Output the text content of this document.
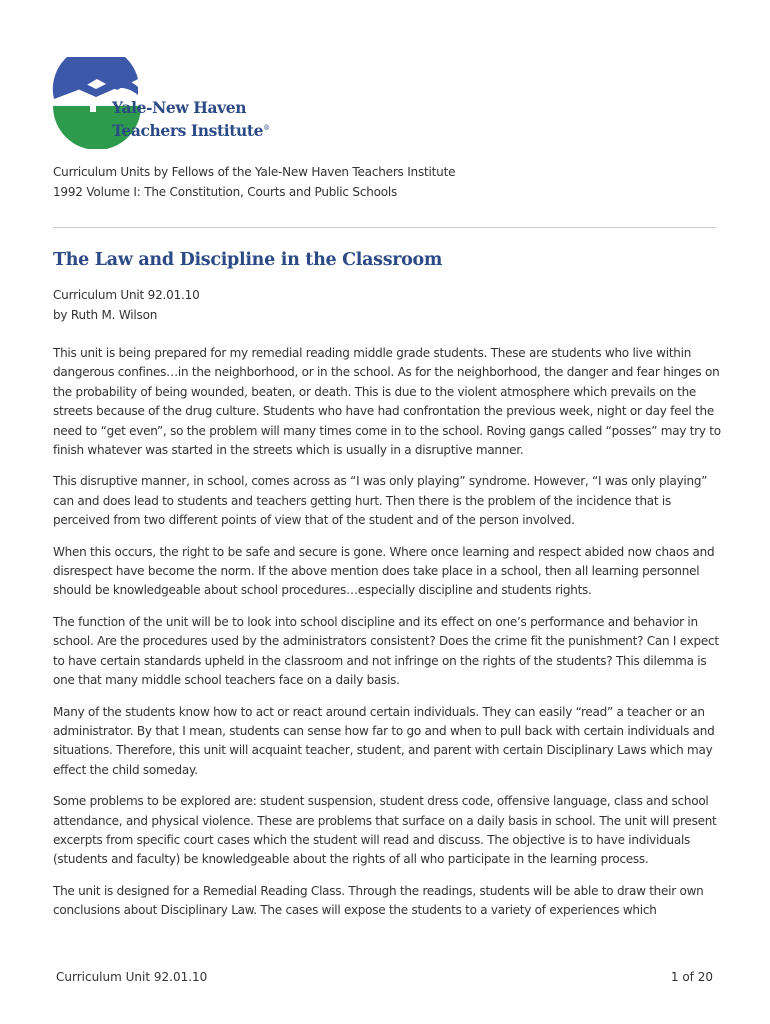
Yale-New Haven
Teachers Institute®
Curriculum Units by Fellows of the Yale-New Haven Teachers Institute
1992 Volume I: The Constitution, Courts and Public Schools
The Law and Discipline in the Classroom
Curriculum Unit 92.01.10
by Ruth M. Wilson

This unit is being prepared for my remedial reading middle grade students. These are students who live within dangerous confines…in the neighborhood, or in the school. As for the neighborhood, the danger and fear hinges on the probability of being wounded, beaten, or death. This is due to the violent atmosphere which prevails on the streets because of the drug culture. Students who have had confrontation the previous week, night or day feel the need to “get even”, so the problem will many times come in to the school. Roving gangs called “posses” may try to finish whatever was started in the streets which is usually in a disruptive manner.

This disruptive manner, in school, comes across as “I was only playing” syndrome. However, “I was only playing” can and does lead to students and teachers getting hurt. Then there is the problem of the incidence that is perceived from two different points of view that of the student and of the person involved.

When this occurs, the right to be safe and secure is gone. Where once learning and respect abided now chaos and disrespect have become the norm. If the above mention does take place in a school, then all learning personnel should be knowledgeable about school procedures…especially discipline and students rights.

The function of the unit will be to look into school discipline and its effect on one’s performance and behavior in school. Are the procedures used by the administrators consistent? Does the crime fit the punishment? Can I expect to have certain standards upheld in the classroom and not infringe on the rights of the students? This dilemma is one that many middle school teachers face on a daily basis.

Many of the students know how to act or react around certain individuals. They can easily “read” a teacher or an administrator. By that I mean, students can sense how far to go and when to pull back with certain individuals and situations. Therefore, this unit will acquaint teacher, student, and parent with certain Disciplinary Laws which may effect the child someday.

Some problems to be explored are: student suspension, student dress code, offensive language, class and school attendance, and physical violence. These are problems that surface on a daily basis in school. The unit will present excerpts from specific court cases which the student will read and discuss. The objective is to have individuals (students and faculty) be knowledgeable about the rights of all who participate in the learning process.

The unit is designed for a Remedial Reading Class. Through the readings, students will be able to draw their own conclusions about Disciplinary Law. The cases will expose the students to a variety of experiences which

Curriculum Unit 92.01.10	1 of 20
